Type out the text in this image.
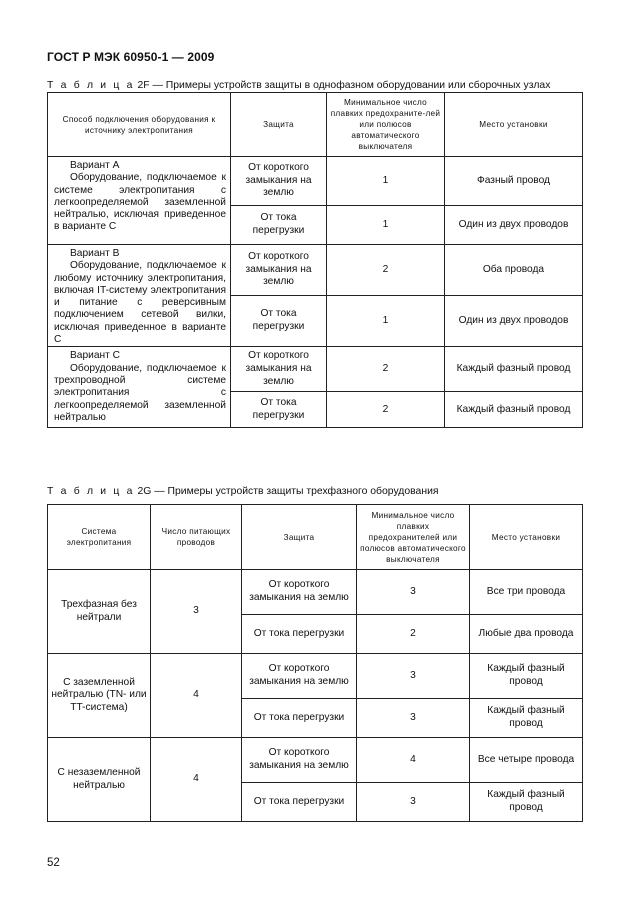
ГОСТ Р МЭК 60950-1 — 2009
Т а б л и ц а 2F — Примеры устройств защиты в однофазном оборудовании или сборочных узлах
Способ подключения оборудования к источнику электропитания	Защита	Минимальное число плавких предохраните-лей или полюсов автоматического выключателя	Место установки

Вариант А
Оборудование, подключаемое к системе электропитания с легкоопределяемой заземленной нейтралью, исключая приведенное в варианте С	От короткого замыкания на землю	1	Фазный провод
	От тока перегрузки	1	Один из двух проводов

Вариант В
Оборудование, подключаемое к любому источнику электропитания, включая IT-систему электропитания и питание с реверсивным подключением сетевой вилки, исключая приведенное в варианте С	От короткого замыкания на землю	2	Оба провода
	От тока перегрузки	1	Один из двух проводов

Вариант С
Оборудование, подключаемое к трехпроводной системе электропитания с легкоопределяемой заземленной нейтралью	От короткого замыкания на землю	2	Каждый фазный провод
	От тока перегрузки	2	Каждый фазный провод
Т а б л и ц а 2G — Примеры устройств защиты трехфазного оборудования
Система электропитания	Число питающих проводов	Защита	Минимальное число плавких предохранителей или полюсов автоматического выключателя	Место установки
Трехфазная без нейтрали	3	От короткого замыкания на землю	3	Все три провода
		От тока перегрузки	2	Любые два провода
С заземленной нейтралью (TN- или TT-система)	4	От короткого замыкания на землю	3	Каждый фазный провод
		От тока перегрузки	3	Каждый фазный провод
С незаземленной нейтралью	4	От короткого замыкания на землю	4	Все четыре провода
		От тока перегрузки	3	Каждый фазный провод
52
